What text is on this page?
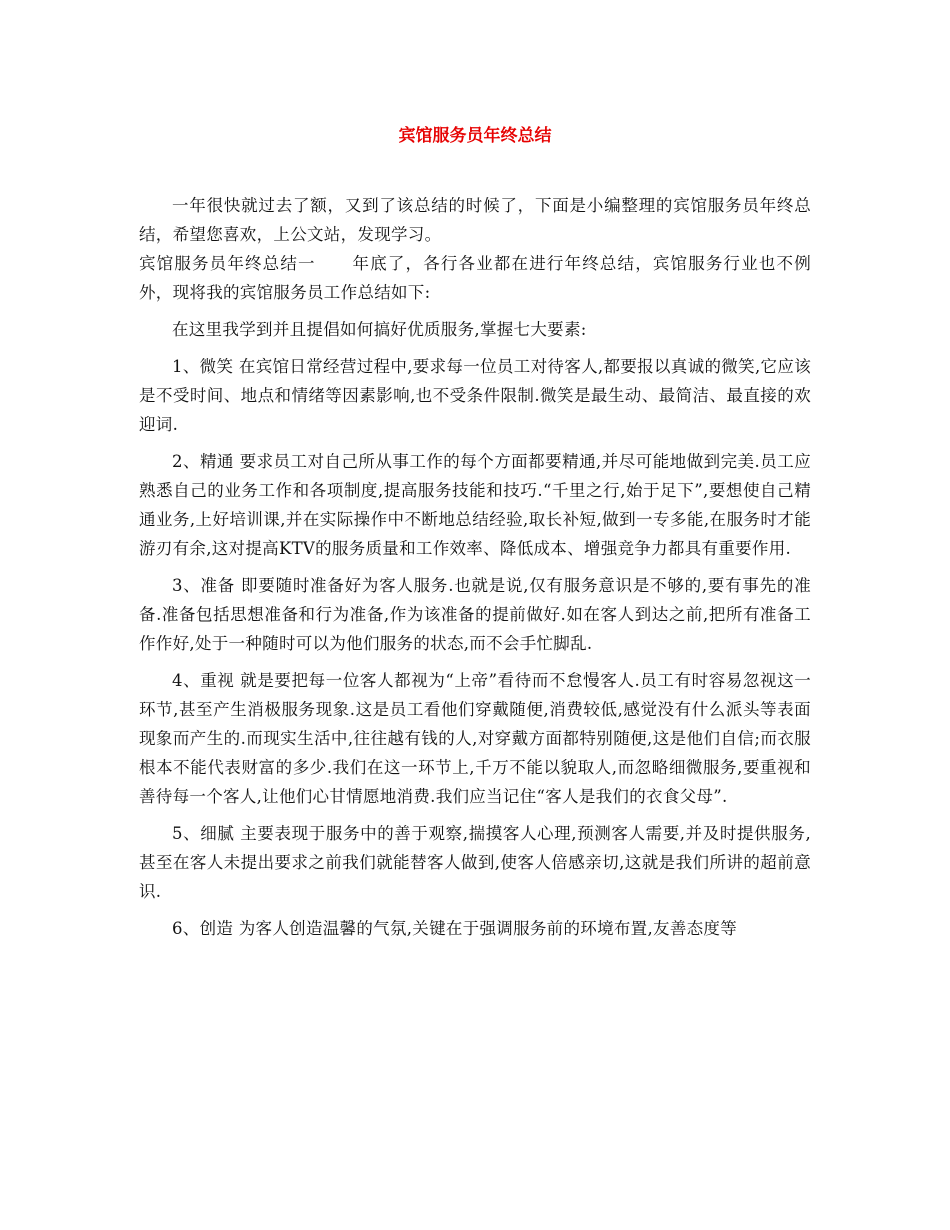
宾馆服务员年终总结

一年很快就过去了额，又到了该总结的时候了，下面是小编整理的宾馆服务员年终总结，希望您喜欢，上公文站，发现学习。

宾馆服务员年终总结一 年底了，各行各业都在进行年终总结，宾馆服务行业也不例外，现将我的宾馆服务员工作总结如下:

在这里我学到并且提倡如何搞好优质服务,掌握七大要素:

1、微笑 在宾馆日常经营过程中,要求每一位员工对待客人,都要报以真诚的微笑,它应该是不受时间、地点和情绪等因素影响,也不受条件限制.微笑是最生动、最简洁、最直接的欢迎词.

2、精通 要求员工对自己所从事工作的每个方面都要精通,并尽可能地做到完美.员工应熟悉自己的业务工作和各项制度,提高服务技能和技巧.“千里之行,始于足下”,要想使自己精通业务,上好培训课,并在实际操作中不断地总结经验,取长补短,做到一专多能,在服务时才能游刃有余,这对提高KTV的服务质量和工作效率、降低成本、增强竞争力都具有重要作用.

3、准备 即要随时准备好为客人服务.也就是说,仅有服务意识是不够的,要有事先的准备.准备包括思想准备和行为准备,作为该准备的提前做好.如在客人到达之前,把所有准备工作作好,处于一种随时可以为他们服务的状态,而不会手忙脚乱.

4、重视 就是要把每一位客人都视为“上帝”看待而不怠慢客人.员工有时容易忽视这一环节,甚至产生消极服务现象.这是员工看他们穿戴随便,消费较低,感觉没有什么派头等表面现象而产生的.而现实生活中,往往越有钱的人,对穿戴方面都特别随便,这是他们自信;而衣服根本不能代表财富的多少.我们在这一环节上,千万不能以貌取人,而忽略细微服务,要重视和善待每一个客人,让他们心甘情愿地消费.我们应当记住“客人是我们的衣食父母”.

5、细腻 主要表现于服务中的善于观察,揣摸客人心理,预测客人需要,并及时提供服务,甚至在客人未提出要求之前我们就能替客人做到,使客人倍感亲切,这就是我们所讲的超前意识.

6、创造 为客人创造温馨的气氛,关键在于强调服务前的环境布置,友善态度等
